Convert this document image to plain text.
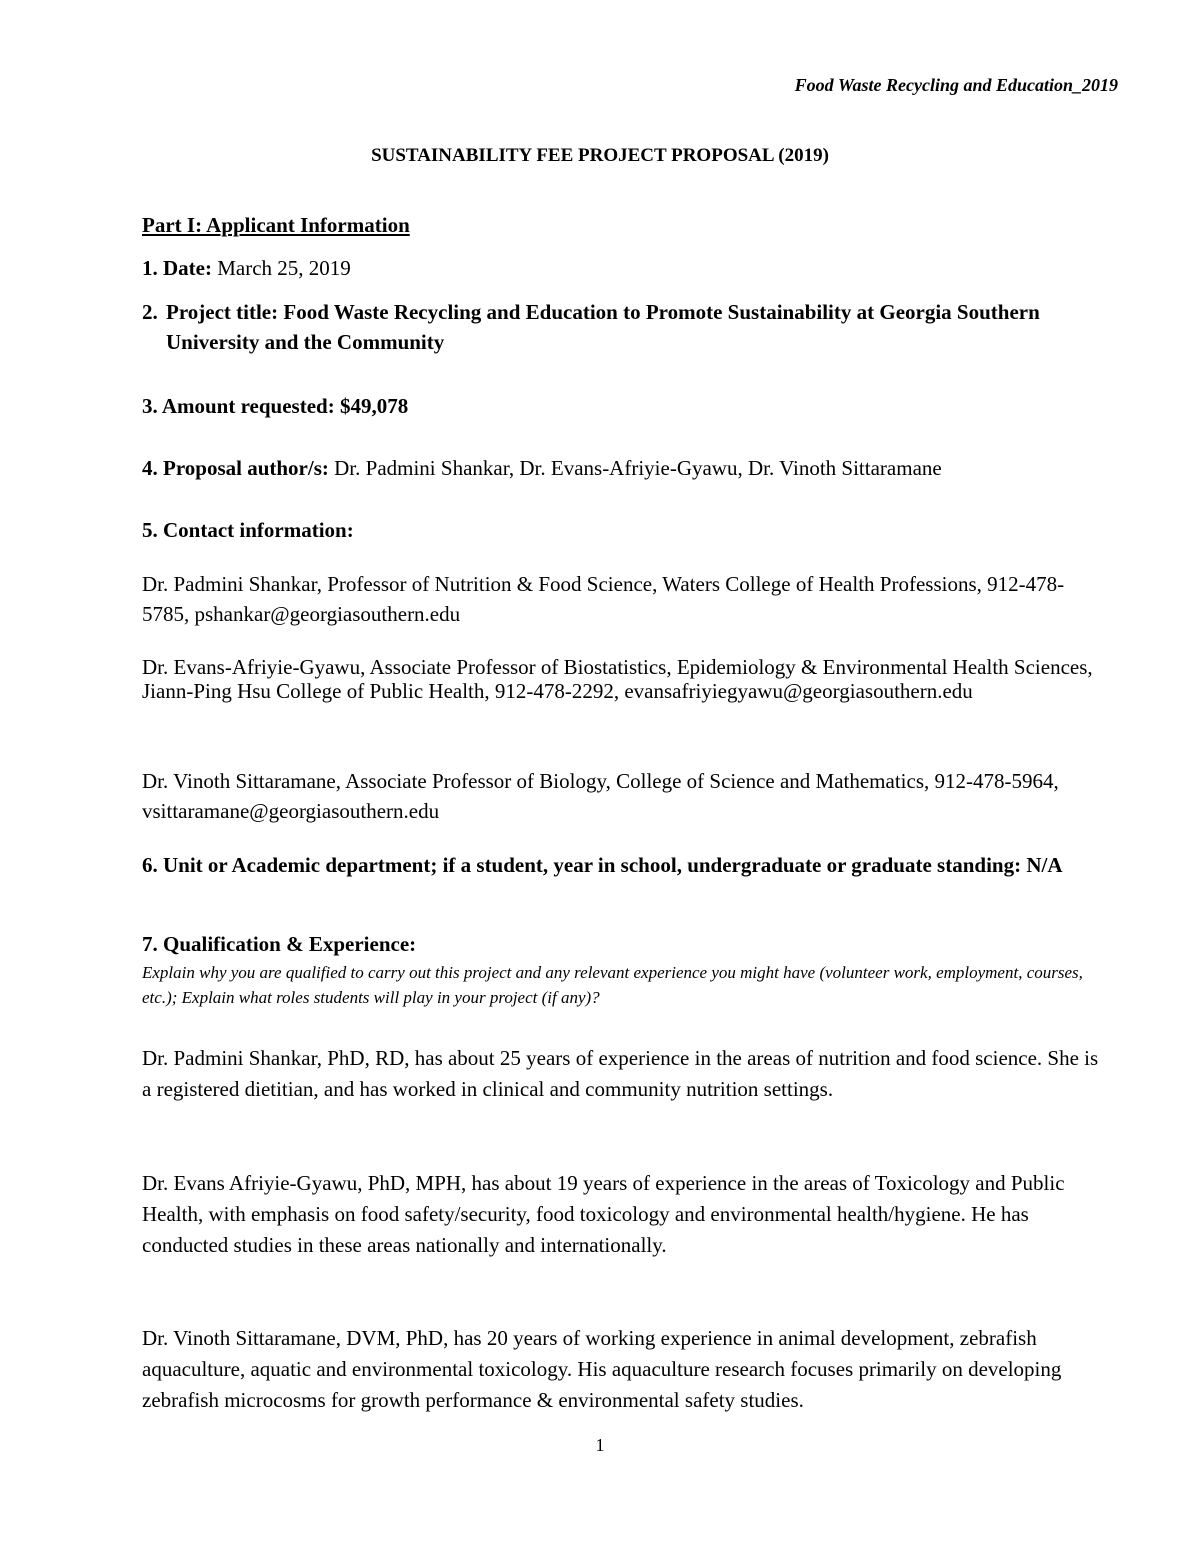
Food Waste Recycling and Education_2019
SUSTAINABILITY FEE PROJECT PROPOSAL (2019)
Part I: Applicant Information
1. Date: March 25, 2019
2. Project title: Food Waste Recycling and Education to Promote Sustainability at Georgia Southern University and the Community
3. Amount requested: $49,078
4. Proposal author/s: Dr. Padmini Shankar, Dr. Evans-Afriyie-Gyawu, Dr. Vinoth Sittaramane
5. Contact information:
Dr. Padmini Shankar, Professor of Nutrition & Food Science, Waters College of Health Professions, 912-478-5785, pshankar@georgiasouthern.edu
Dr. Evans-Afriyie-Gyawu, Associate Professor of Biostatistics, Epidemiology & Environmental Health Sciences, Jiann-Ping Hsu College of Public Health, 912-478-2292, evansafriyiegyawu@georgiasouthern.edu
Dr. Vinoth Sittaramane, Associate Professor of Biology, College of Science and Mathematics, 912-478-5964, vsittaramane@georgiasouthern.edu
6. Unit or Academic department; if a student, year in school, undergraduate or graduate standing: N/A
7. Qualification & Experience:
Explain why you are qualified to carry out this project and any relevant experience you might have (volunteer work, employment, courses, etc.); Explain what roles students will play in your project (if any)?
Dr. Padmini Shankar, PhD, RD, has about 25 years of experience in the areas of nutrition and food science. She is a registered dietitian, and has worked in clinical and community nutrition settings.
Dr. Evans Afriyie-Gyawu, PhD, MPH, has about 19 years of experience in the areas of Toxicology and Public Health, with emphasis on food safety/security, food toxicology and environmental health/hygiene. He has conducted studies in these areas nationally and internationally.
Dr. Vinoth Sittaramane, DVM, PhD, has 20 years of working experience in animal development, zebrafish aquaculture, aquatic and environmental toxicology. His aquaculture research focuses primarily on developing zebrafish microcosms for growth performance & environmental safety studies.
1
